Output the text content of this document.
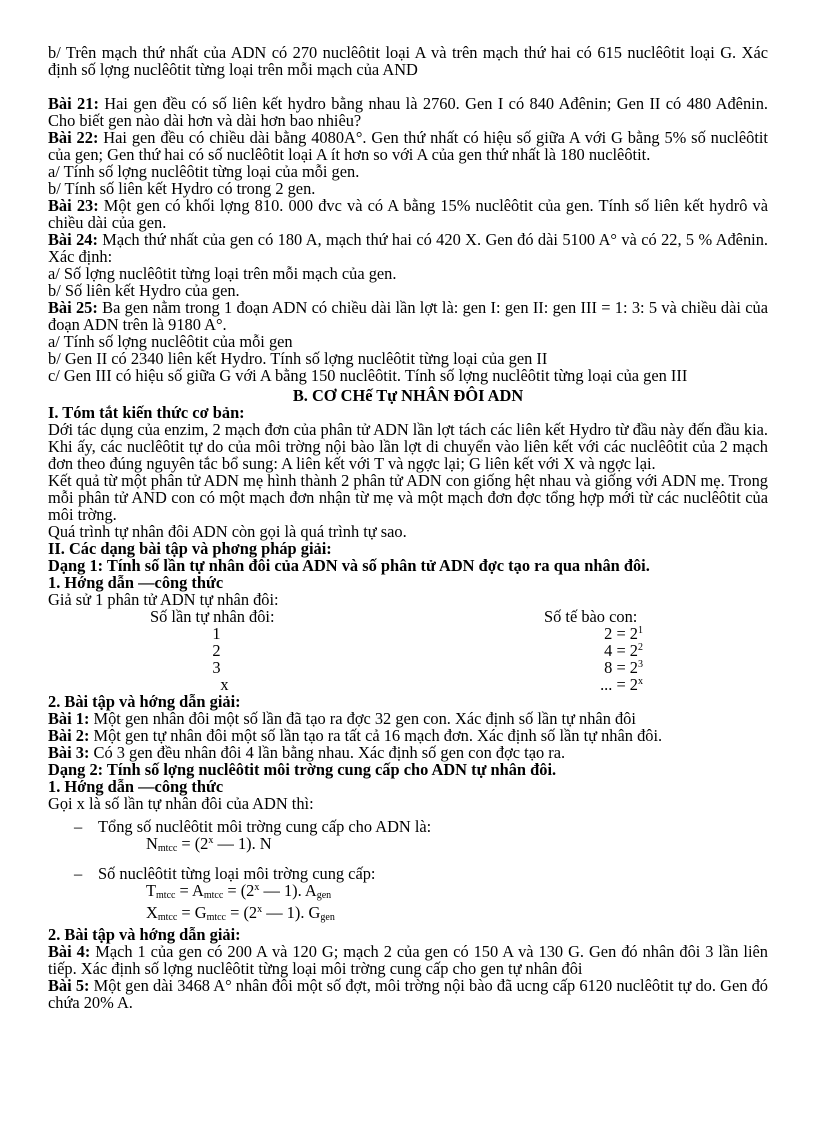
b/ Trên mạch thứ nhất của ADN có 270 nuclêôtit loại A và trên mạch thứ hai có 615 nuclêôtit loại G. Xác định số lợng nuclêôtit từng loại trên mỗi mạch của AND

Bài 21: Hai gen đều có số liên kết hydro bằng nhau là 2760. Gen I có 840 Ađênin; Gen II có 480 Ađênin. Cho biết gen nào dài hơn và dài hơn bao nhiêu?

Bài 22: Hai gen đều có chiều dài bằng 4080A°. Gen thứ nhất có hiệu số giữa A với G bằng 5% số nuclêôtit của gen; Gen thứ hai có số nuclêôtit loại A ít hơn so với A của gen thứ nhất là 180 nuclêôtit.

a/ Tính số lợng nuclêôtit từng loại của mỗi gen.

b/ Tính số liên kết Hydro có trong 2 gen.

Bài 23: Một gen có khối lợng 810. 000 đvc và có A bằng 15% nuclêôtit của gen. Tính số liên kết hydrô và chiều dài của gen.

Bài 24: Mạch thứ nhất của gen có 180 A, mạch thứ hai có 420 X. Gen đó dài 5100 A° và có 22, 5 % Ađênin. Xác định:

a/ Số lợng nuclêôtit từng loại trên mỗi mạch của gen.

b/ Số liên kết Hydro của gen.

Bài 25: Ba gen nằm trong 1 đoạn ADN có chiều dài lần lợt là: gen I: gen II: gen III = 1: 3: 5 và chiều dài của đoạn ADN trên là 9180 A°.

a/ Tính số lợng nuclêôtit của mỗi gen

b/ Gen II có 2340 liên kết Hydro. Tính số lợng nuclêôtit từng loại của gen II

c/ Gen III có hiệu số giữa G với A bằng 150 nuclêôtit. Tính số lợng nuclêôtit từng loại của gen III

B. CƠ CHế Tự NHÂN ĐÔI ADN

I. Tóm tắt kiến thức cơ bản:

Dới tác dụng của enzim, 2 mạch đơn của phân tử ADN lần lợt tách các liên kết Hydro từ đầu này đến đầu kia. Khi ấy, các nuclêôtit tự do của môi trờng nội bào lần lợt di chuyển vào liên kết với các nuclêôtit của 2 mạch đơn theo đúng nguyên tắc bổ sung: A liên kết với T và ngợc lại; G liên kết với X và ngợc lại.

Kết quả từ một phân tử ADN mẹ hình thành 2 phân tử ADN con giống hệt nhau và giống với ADN mẹ. Trong mỗi phân tử AND con có một mạch đơn nhận từ mẹ và một mạch đơn đợc tổng hợp mới từ các nuclêôtit của môi trờng.

Quá trình tự nhân đôi ADN còn gọi là quá trình tự sao.

II. Các dạng bài tập và phơng pháp giải:

Dạng 1: Tính số lần tự nhân đôi của ADN và số phân tử ADN đợc tạo ra qua nhân đôi.

1. Hớng dẫn —công thức

Giả sử 1 phân tử ADN tự nhân đôi:

Số lần tự nhân đôi:
1
2
3
x
Số tế bào con:
$2 = 2^1$
$4 = 2^2$
$8 = 2^3$
... = $2^x$

2. Bài tập và hớng dẫn giải:

Bài 1: Một gen nhân đôi một số lần đã tạo ra đợc 32 gen con. Xác định số lần tự nhân đôi

Bài 2: Một gen tự nhân đôi một số lần tạo ra tất cả 16 mạch đơn. Xác định số lần tự nhân đôi.

Bài 3: Có 3 gen đều nhân đôi 4 lần bằng nhau. Xác định số gen con đợc tạo ra.

Dạng 2: Tính số lợng nuclêôtit môi trờng cung cấp cho ADN tự nhân đôi.

1. Hớng dẫn —công thức

Gọi x là số lần tự nhân đôi của ADN thì:

– Tổng số nuclêôtit môi trờng cung cấp cho ADN là:

$N_{mtcc} = (2^x$ — 1). N

– Số nuclêôtit từng loại môi trờng cung cấp:

$T_{mtcc} = A_{mtcc} = (2^x$ — 1). $A_{gen}$

$X_{mtcc} = G_{mtcc} = (2^x$ — 1). $G_{gen}$

2. Bài tập và hớng dẫn giải:

Bài 4: Mạch 1 của gen có 200 A và 120 G; mạch 2 của gen có 150 A và 130 G. Gen đó nhân đôi 3 lần liên tiếp. Xác định số lợng nuclêôtit từng loại môi trờng cung cấp cho gen tự nhân đôi

Bài 5: Một gen dài 3468 A° nhân đôi một số đợt, môi trờng nội bào đã ucng cấp 6120 nuclêôtit tự do. Gen đó chứa 20% A.
